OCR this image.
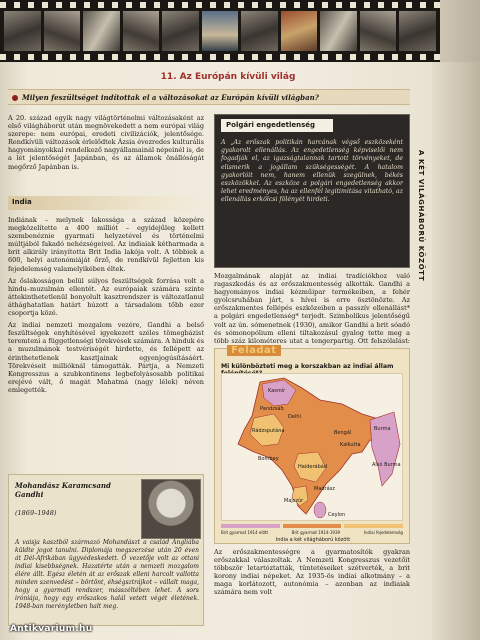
11. Az Európán kívüli világ
Milyen feszültséget indítottak el a változásokat az Európán kívüli világban?
A KÉT VILÁGHÁBORÚ KÖZÖTT

A 20. század egyik nagy világtörténelmi változásaként az első világháborút után megnövekedett a nem európai világ szerepe: nem európai, eredeti civilizációk, jelentősége. Rendkívüli változások érlelődtek Ázsia évezredes kulturális hagyományokkal rendelkező nagyállamainál népeinél is, de a lét jelentőségét Japánban, és az államok önállóságát megőrző Japánban is.

India

Indiának – melynek lakossága a század közepére megközelítette a 400 milliót – egyidejűleg kellett szembenéznie gyarmati helyzetével és történelmi múltjából fakadó nehézségeivel. Az indiaiak kétharmada a brit alkirály irányította Brit India lakója volt. A többiek a 600, helyi autonómiáját őrző, de rendkívül fejletten kis fejedelemség valamelyikében éltek.

Az őslakosságon belül súlyos feszültségek forrása volt a hindu–muzulmán ellentét. Az európaiak számára szinte áttekinthetetlenül bonyolult kasztrendszer is változatlanul áthághatatlan határt húzott a társadalom tőbb ezer csoportja közé.

Az indiai nemzeti mozgalom vezére, Gandhi a belső feszültségek enyhítésével igyekezett széles tömegbázist teremteni a függetlenségi törekvések számára. A hinduk és a muzulmánok testvériségét hirdette, és fellépett az érinthetetlenek kasztjainak egyenjogúsításáért. Törekvéseit millióknál támogatták. Pártja, a Nemzeti Kongresszus a szubkontinens legbefolyásosabb politikai erejévé vált, ő magát Mahatmá (nagy lélek) néven emlegették.

Mohandász Karamcsand Gandhi
(1869–1948)
A vaisja kasztból származó Mohandászt a család Angliába küldte jogot tanulni. Diplomája megszerzése után 20 éven át Dél-Afrikában ügyvédeskedett. Ő vezetője volt az ottani indiai kisebbségnek. Hazatérte után a nemzeti mozgalom élére állt. Egész életén át az erőszak elleni harcolt vallotta minden szenvedést – börtönt, éhségsztrájkot – vállalt maga, hogy a gyarmati rendszer, másszéltében lehet. A sors iróniája, hogy egy erőszakos halál vetett végét életének. 1948-ban merényletben halt meg.
Polgári engedetlenség
A „Az erőszak politikán harcának végső eszközeként gyakorolt ellenállás. Az engedetlenség képviselői nem fogadják el, az igazságtalannak tartott törvényeket, de elismerik a jogállam szükségességét. A hatalom gyakorlóit nem, hanem ellenük szegülnek, békés eszközökkel. Az eszköze a polgári engedetlenség akkor lehet eredményes, ha az ellenfél legitimitása vitatható, az ellenállás erkölcsi fölényét hirdeti.

Mozgalmának alapját az indiai tradíciókhoz való ragaszkodás és az erőszakmentesség alkották. Gandhi a hagyományos indiai kézműipar termékeiben, a fehér gyolcsruhában járt, s hívei is erre ösztönözte. Az erőszakmentes fellépés eszközeiben a passzív ellenállást* a polgári engedetlenség* terjedt. Szimbolikus jelentőségű volt az ún. sómenetnek (1930), amikor Gandhi a brit sóadó és sómonopólium elleni tiltakozásul gyalog tette meg a több száz kilométeres utat a tengerpartig. Ott felszólalást:

Feladat
Mi különbözteti meg a korszakban az indiai állam
Kasmír
Pandzsáb
Rádzsputána
Delhi
Bombay
Bengál
Kalkutta
Haiderábád
Madrász
Majszúr
Burma
Alsó Burma
Ceylon
Brit gyarmat 1914 előtt	Brit gyarmat 1914-1939	Indiai fejedelemség
India a két világháború között

Az erőszakmentességre a gyarmatosítók gyakran erőszakkal válaszoltak. A Nemzeti Kongresszus vezetőit többször letartóztatták, tüntetéseiket szétverték, a brit korony indiai népeket. Az 1935-ös indiai alkotmány – a maga korlátozott, autonómia – azonban az indiaiak számára nem volt

Antikvarium.hu
